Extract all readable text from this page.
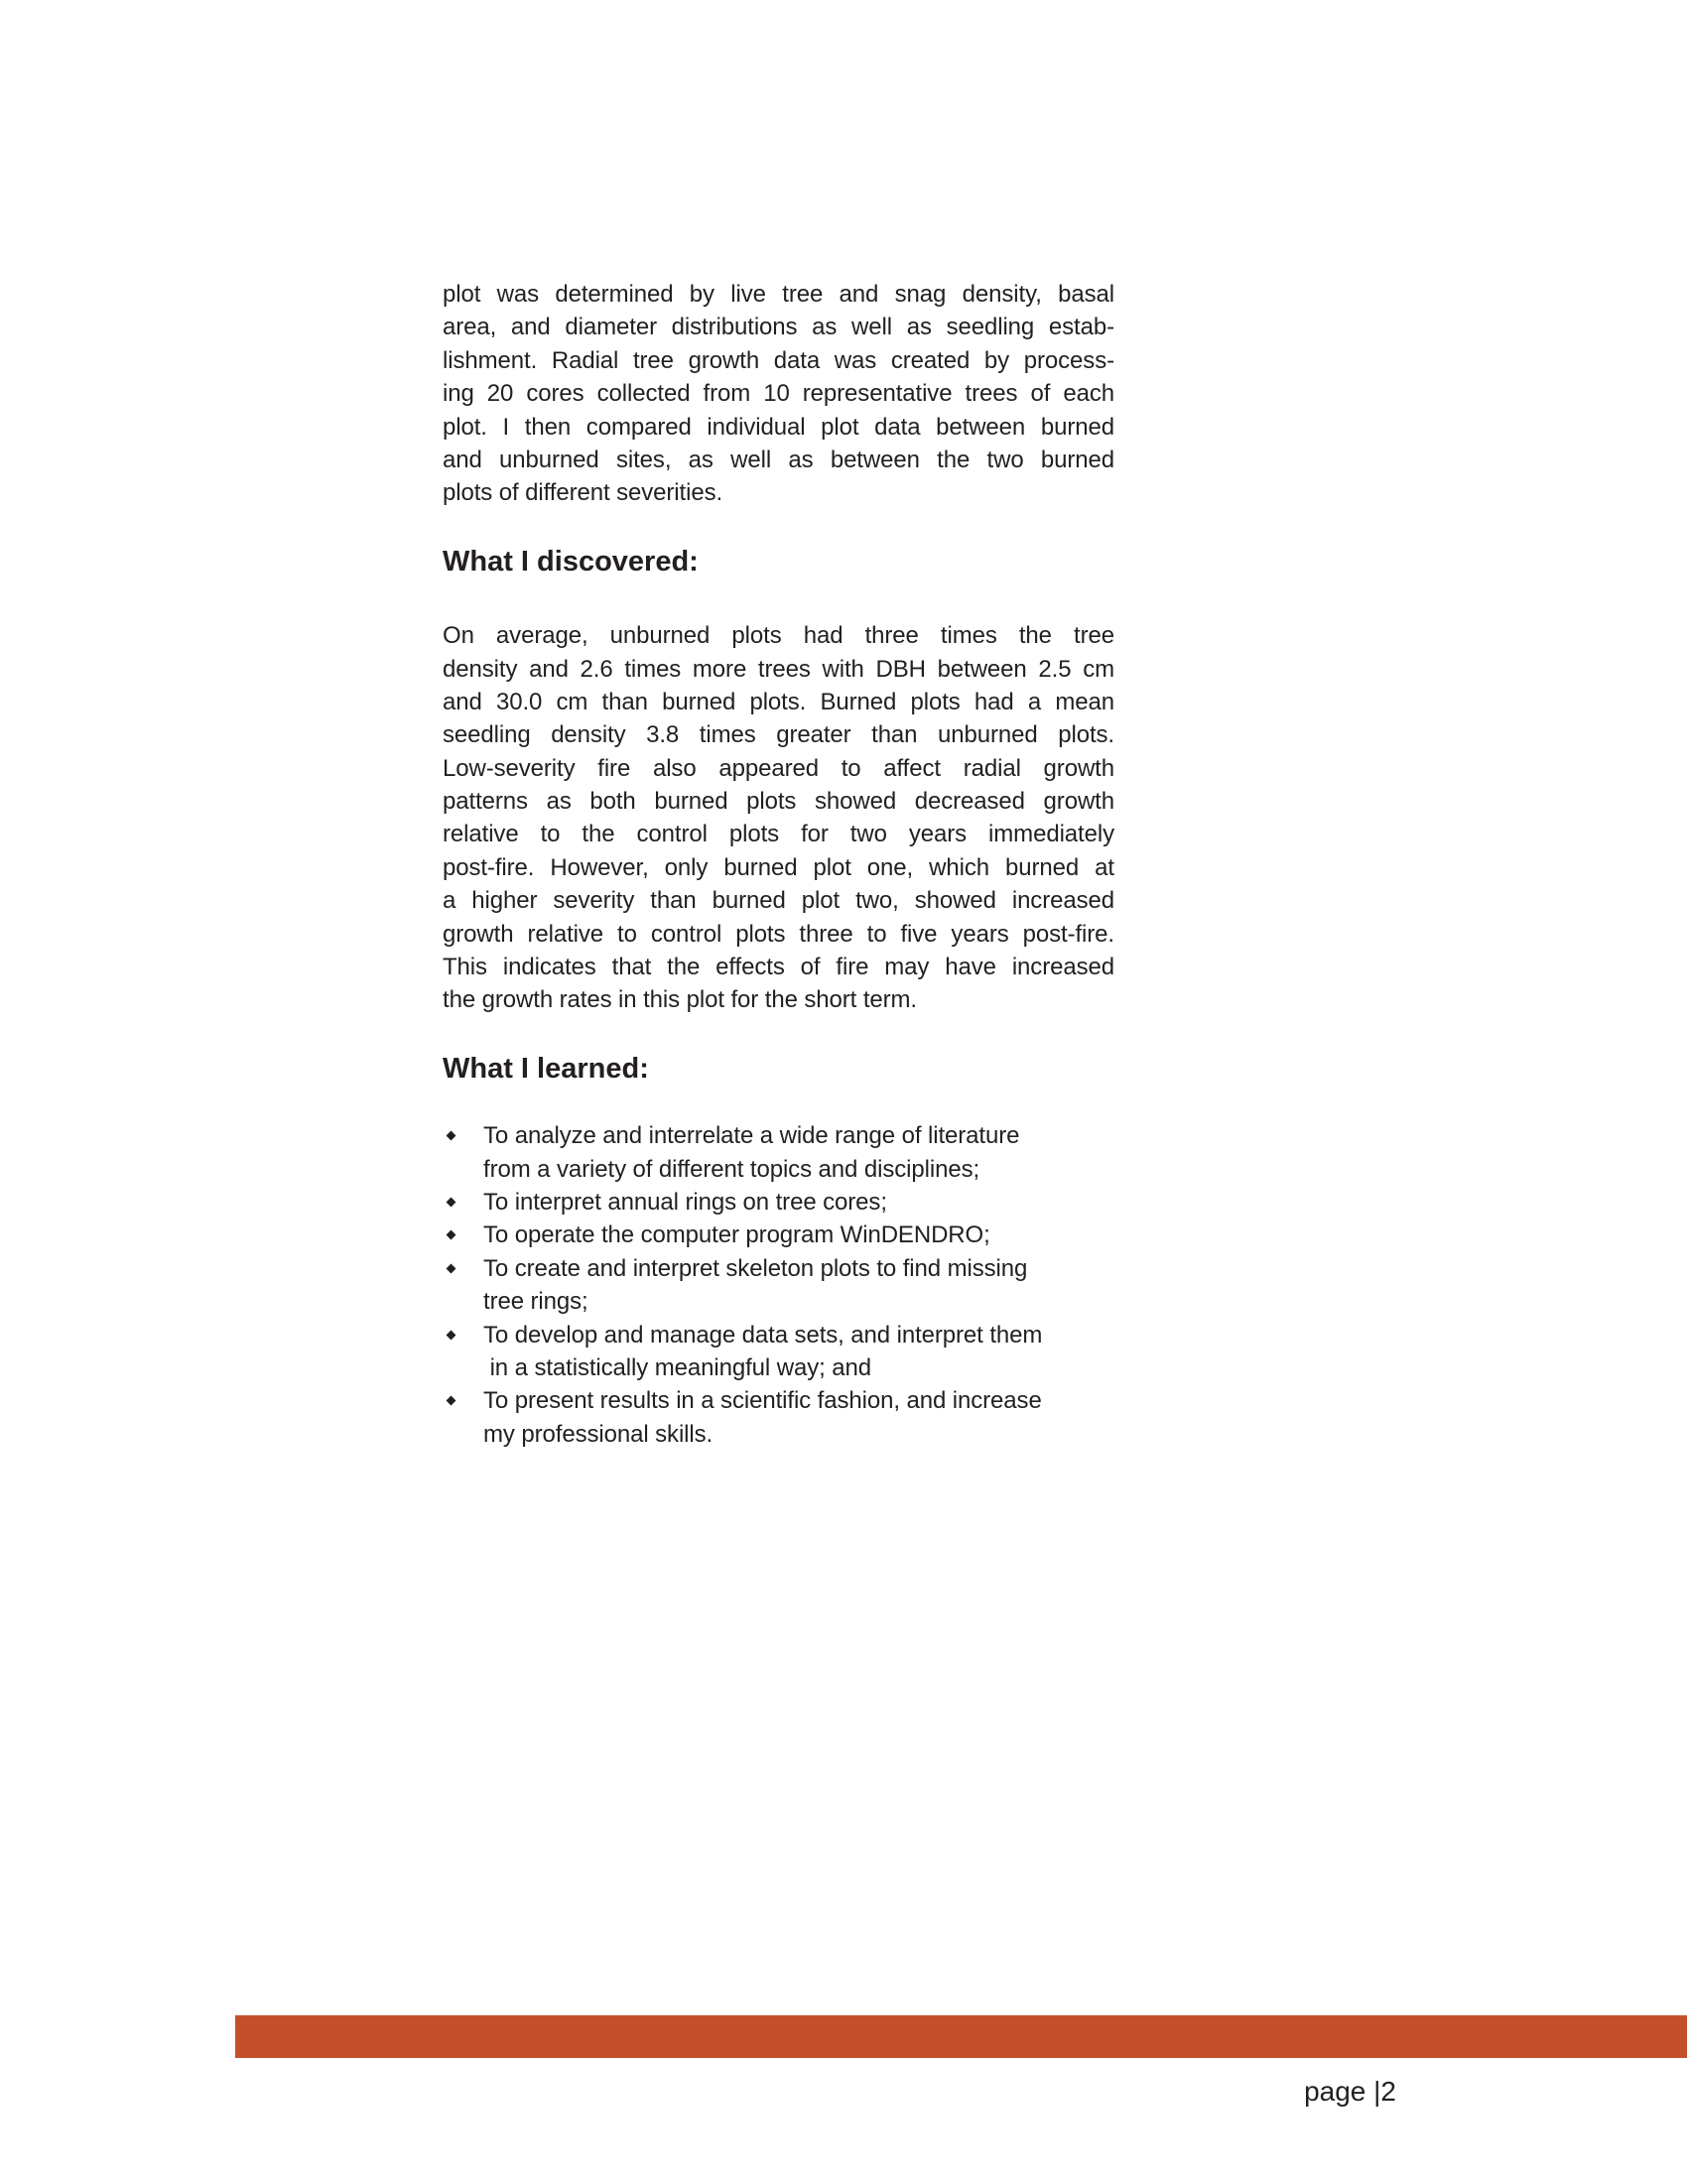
plot was determined by live tree and snag density, basal
area, and diameter distributions as well as seedling estab-
lishment. Radial tree growth data was created by process-
ing 20 cores collected from 10 representative trees of each
plot. I then compared individual plot data between burned
and unburned sites, as well as between the two burned
plots of different severities.
What I discovered:
On average, unburned plots had three times the tree
density and 2.6 times more trees with DBH between 2.5 cm
and 30.0 cm than burned plots. Burned plots had a mean
seedling density 3.8 times greater than unburned plots.
Low-severity fire also appeared to affect radial growth
patterns as both burned plots showed decreased growth
relative to the control plots for two years immediately
post-fire. However, only burned plot one, which burned at
a higher severity than burned plot two, showed increased
growth relative to control plots three to five years post-fire.
This indicates that the effects of fire may have increased
the growth rates in this plot for the short term.
What I learned:
To analyze and interrelate a wide range of literature
from a variety of different topics and disciplines;
To interpret annual rings on tree cores;
To operate the computer program WinDENDRO;
To create and interpret skeleton plots to find missing
tree rings;
To develop and manage data sets, and interpret them
in a statistically meaningful way; and
To present results in a scientific fashion, and increase
my professional skills.
page |2
